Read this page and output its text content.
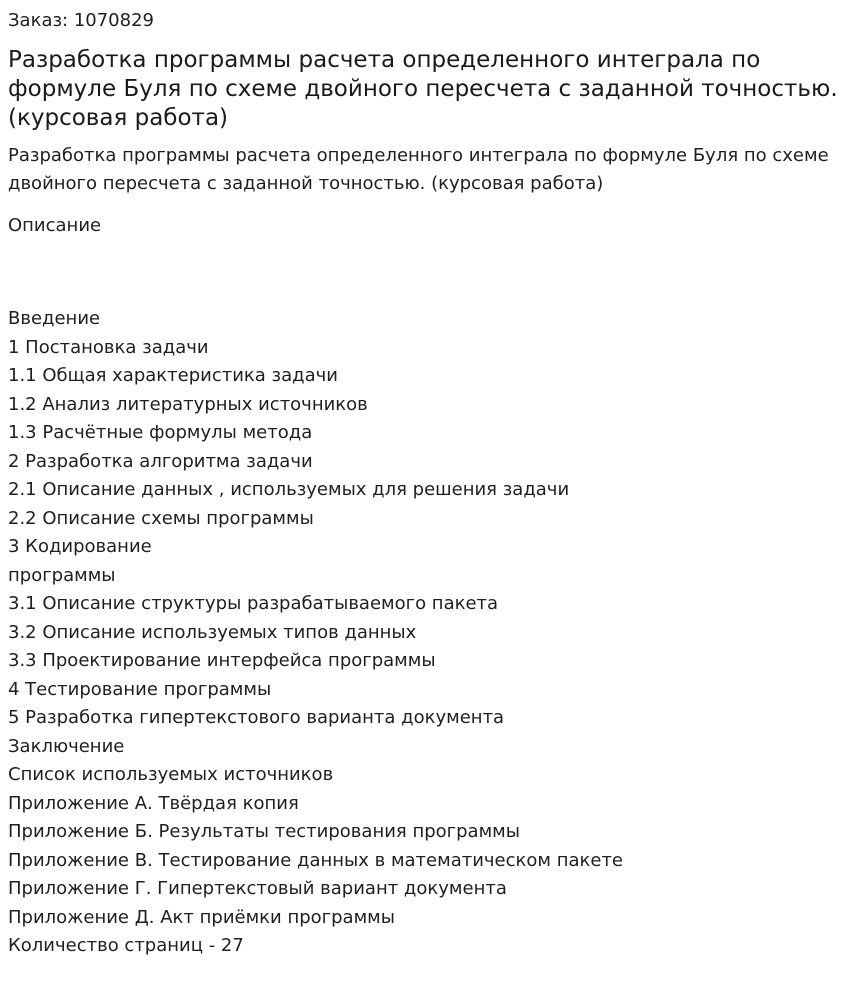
Заказ: 1070829

Разработка программы расчета определенного интеграла по формуле Буля по схеме двойного пересчета с заданной точностью. (курсовая работа)

Разработка программы расчета определенного интеграла по формуле Буля по схеме двойного пересчета с заданной точностью. (курсовая работа)

Описание

Введение
1 Постановка задачи
1.1 Общая характеристика задачи
1.2 Анализ литературных источников
1.3 Расчётные формулы метода
2 Разработка алгоритма задачи
2.1 Описание данных , используемых для решения задачи
2.2 Описание схемы программы
3 Кодирование
программы
3.1 Описание структуры разрабатываемого пакета
3.2 Описание используемых типов данных
3.3 Проектирование интерфейса программы
4 Тестирование программы
5 Разработка гипертекстового варианта документа
Заключение
Список используемых источников
Приложение А. Твёрдая копия
Приложение Б. Результаты тестирования программы
Приложение В. Тестирование данных в математическом пакете
Приложение Г. Гипертекстовый вариант документа
Приложение Д. Акт приёмки программы
Количество страниц - 27
